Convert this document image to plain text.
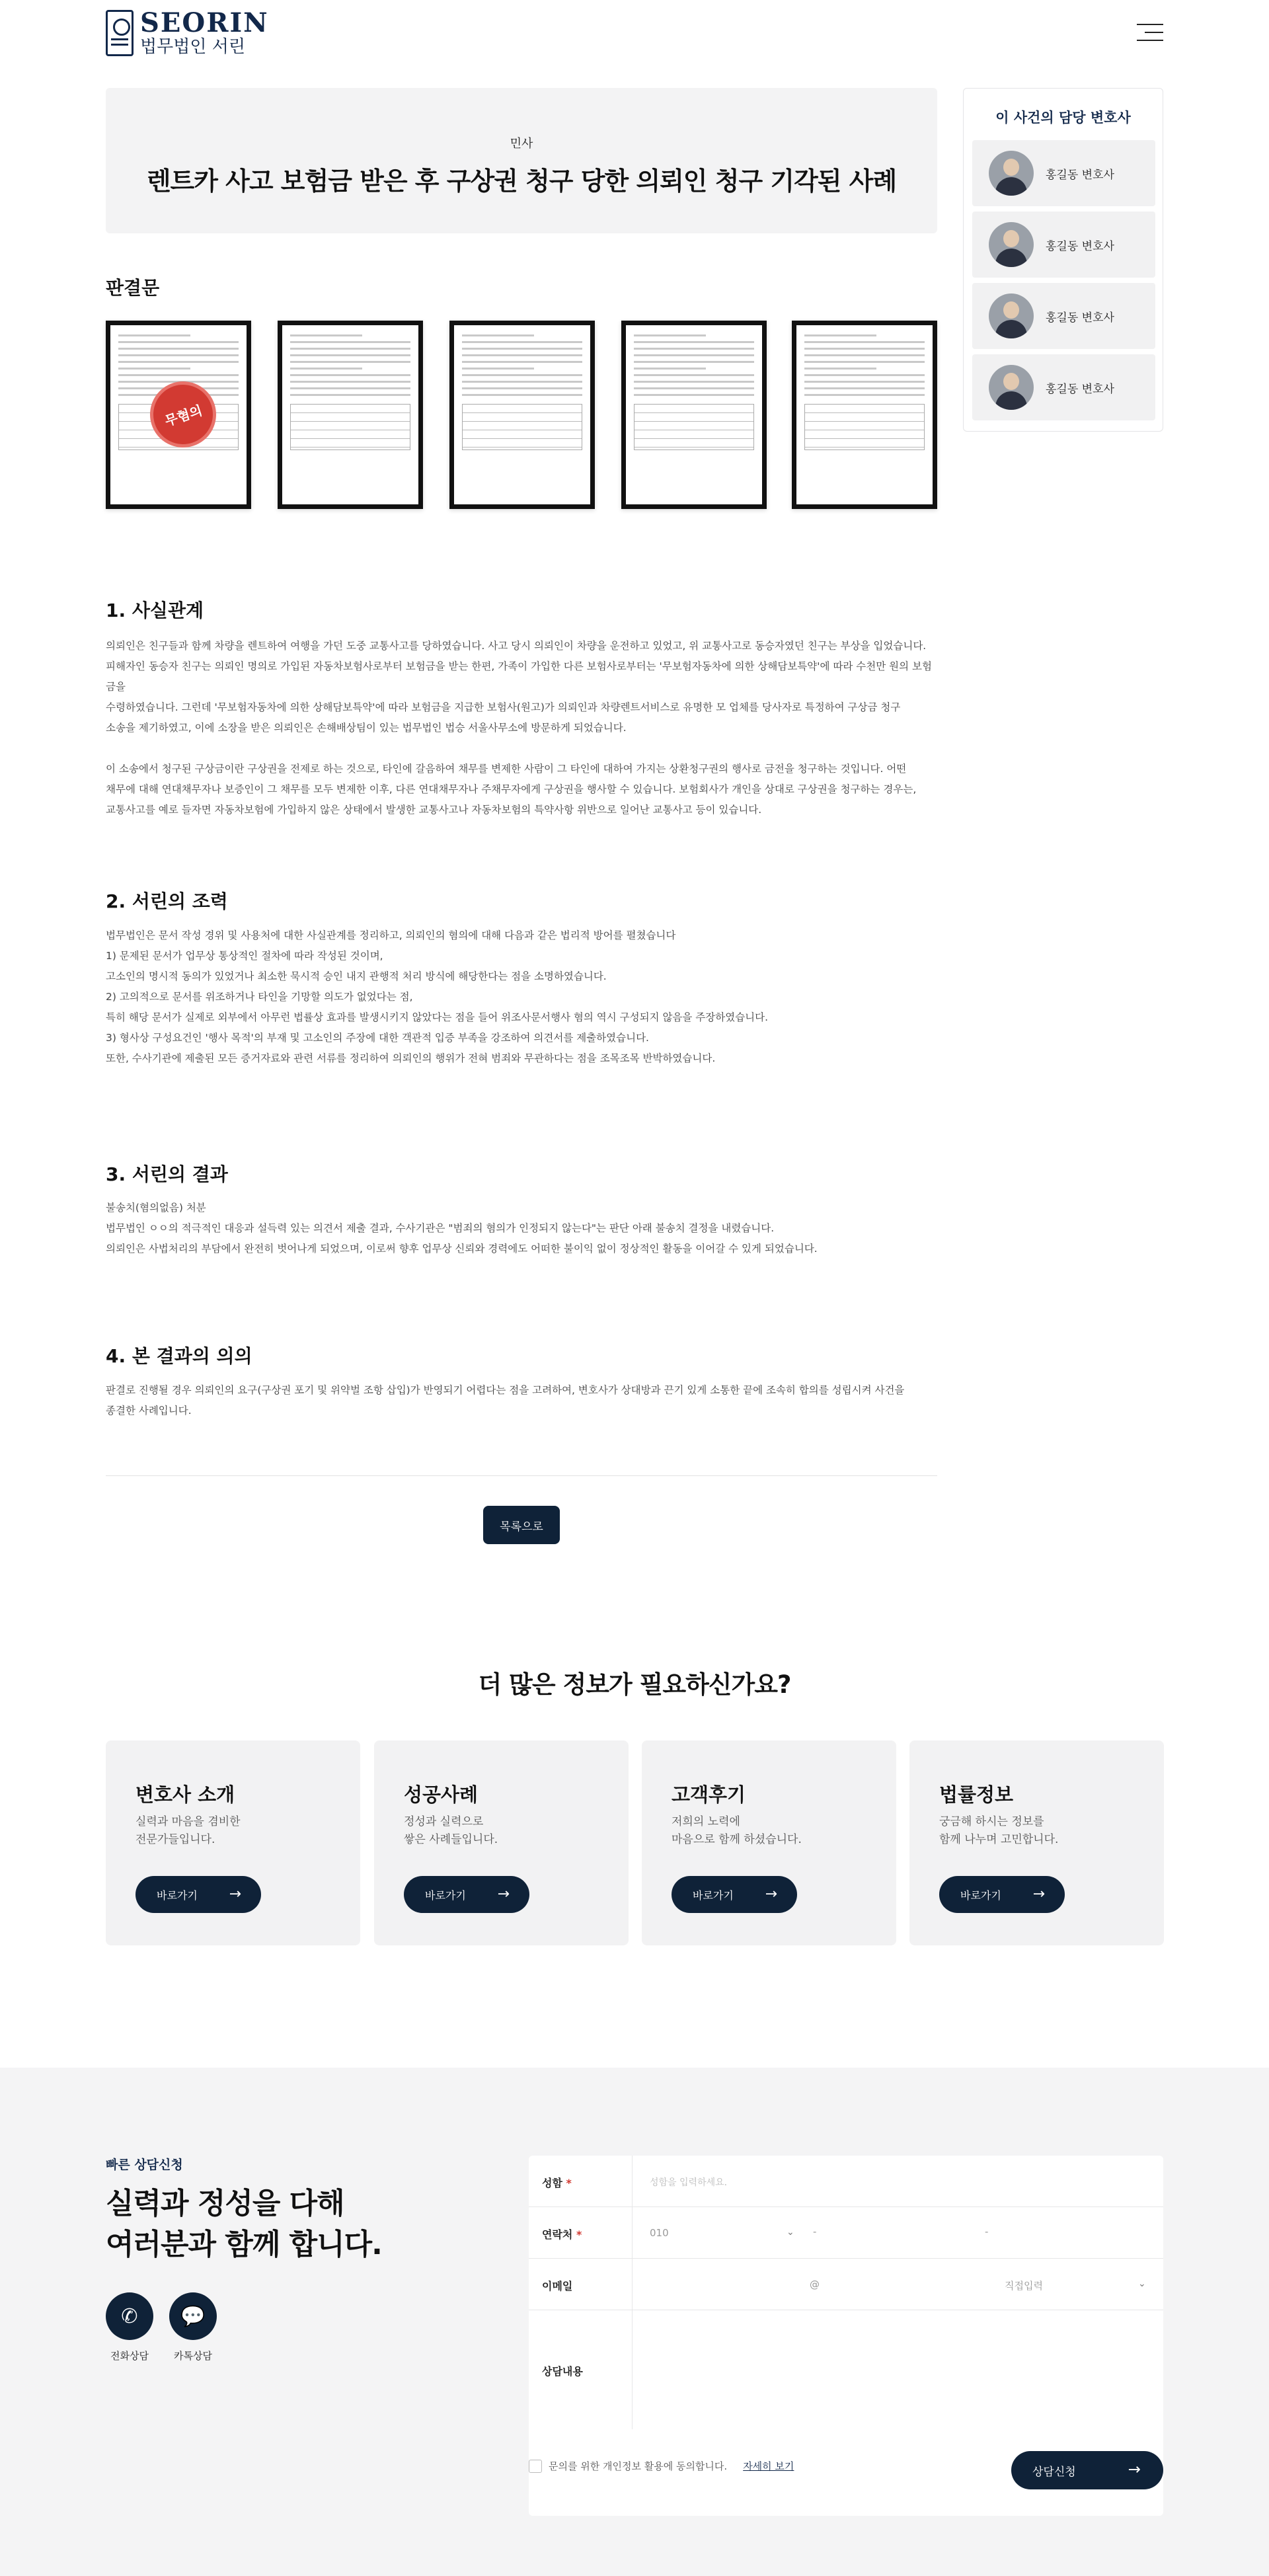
SEORIN
법무법인 서린
민사
렌트카 사고 보험금 받은 후 구상권 청구 당한 의뢰인 청구 기각된 사례
이 사건의 담당 변호사
홍길동 변호사
홍길동 변호사
홍길동 변호사
홍길동 변호사
판결문
무혐의
1. 사실관계

의뢰인은 친구들과 함께 차량을 렌트하여 여행을 가던 도중 교통사고를 당하였습니다. 사고 당시 의뢰인이 차량을 운전하고 있었고, 위 교통사고로 동승자였던 친구는 부상을 입었습니다.

피해자인 동승자 친구는 의뢰인 명의로 가입된 자동차보험사로부터 보험금을 받는 한편, 가족이 가입한 다른 보험사로부터는 '무보험자동차에 의한 상해담보특약'에 따라 수천만 원의 보험금을

수령하였습니다. 그런데 '무보험자동차에 의한 상해담보특약'에 따라 보험금을 지급한 보험사(원고)가 의뢰인과 차량렌트서비스로 유명한 모 업체를 당사자로 특정하여 구상금 청구

소송을 제기하였고, 이에 소장을 받은 의뢰인은 손해배상팀이 있는 법무법인 법승 서울사무소에 방문하게 되었습니다.

이 소송에서 청구된 구상금이란 구상권을 전제로 하는 것으로, 타인에 갈음하여 채무를 변제한 사람이 그 타인에 대하여 가지는 상환청구권의 행사로 금전을 청구하는 것입니다. 어떤

채무에 대해 연대채무자나 보증인이 그 채무를 모두 변제한 이후, 다른 연대채무자나 주채무자에게 구상권을 행사할 수 있습니다. 보험회사가 개인을 상대로 구상권을 청구하는 경우는,

교통사고를 예로 들자면 자동차보험에 가입하지 않은 상태에서 발생한 교통사고나 자동차보험의 특약사항 위반으로 일어난 교통사고 등이 있습니다.

2. 서린의 조력

법무법인은 문서 작성 경위 및 사용처에 대한 사실관계를 정리하고, 의뢰인의 혐의에 대해 다음과 같은 법리적 방어를 펼쳤습니다

1) 문제된 문서가 업무상 통상적인 절차에 따라 작성된 것이며,

고소인의 명시적 동의가 있었거나 최소한 묵시적 승인 내지 관행적 처리 방식에 해당한다는 점을 소명하였습니다.

2) 고의적으로 문서를 위조하거나 타인을 기망할 의도가 없었다는 점,

특히 해당 문서가 실제로 외부에서 아무런 법률상 효과를 발생시키지 않았다는 점을 들어 위조사문서행사 혐의 역시 구성되지 않음을 주장하였습니다.

3) 형사상 구성요건인 '행사 목적'의 부재 및 고소인의 주장에 대한 객관적 입증 부족을 강조하여 의견서를 제출하였습니다.

또한, 수사기관에 제출된 모든 증거자료와 관련 서류를 정리하여 의뢰인의 행위가 전혀 범죄와 무관하다는 점을 조목조목 반박하였습니다.

3. 서린의 결과

불송치(혐의없음) 처분

법무법인 ㅇㅇ의 적극적인 대응과 설득력 있는 의견서 제출 결과, 수사기관은 "범죄의 혐의가 인정되지 않는다"는 판단 아래 불송치 결정을 내렸습니다.

의뢰인은 사법처리의 부담에서 완전히 벗어나게 되었으며, 이로써 향후 업무상 신뢰와 경력에도 어떠한 불이익 없이 정상적인 활동을 이어갈 수 있게 되었습니다.

4. 본 결과의 의의

판결로 진행될 경우 의뢰인의 요구(구상권 포기 및 위약벌 조항 삽입)가 반영되기 어렵다는 점을 고려하여, 변호사가 상대방과 끈기 있게 소통한 끝에 조속히 합의를 성립시켜 사건을

종결한 사례입니다.

목록으로
더 많은 정보가 필요하신가요?
변호사 소개
실력과 마음을 겸비한
전문가들입니다.
바로가기 →
성공사례
정성과 실력으로
쌓은 사례들입니다.
바로가기 →
고객후기
저희의 노력에
마음으로 함께 하셨습니다.
바로가기 →
법률정보
궁금해 하시는 정보를
함께 나누며 고민합니다.
바로가기 →
빠른 상담신청
실력과 정성을 다해
여러분과 함께 합니다.
✆
전화상담
💬
카톡상담
성함 *	성함을 입력하세요.
연락처 *	010	⌄ -	-
이메일	@	직접입력	⌄
상담내용
문의를 위한 개인정보 활용에 동의합니다. 자세히 보기	상담신청	→
